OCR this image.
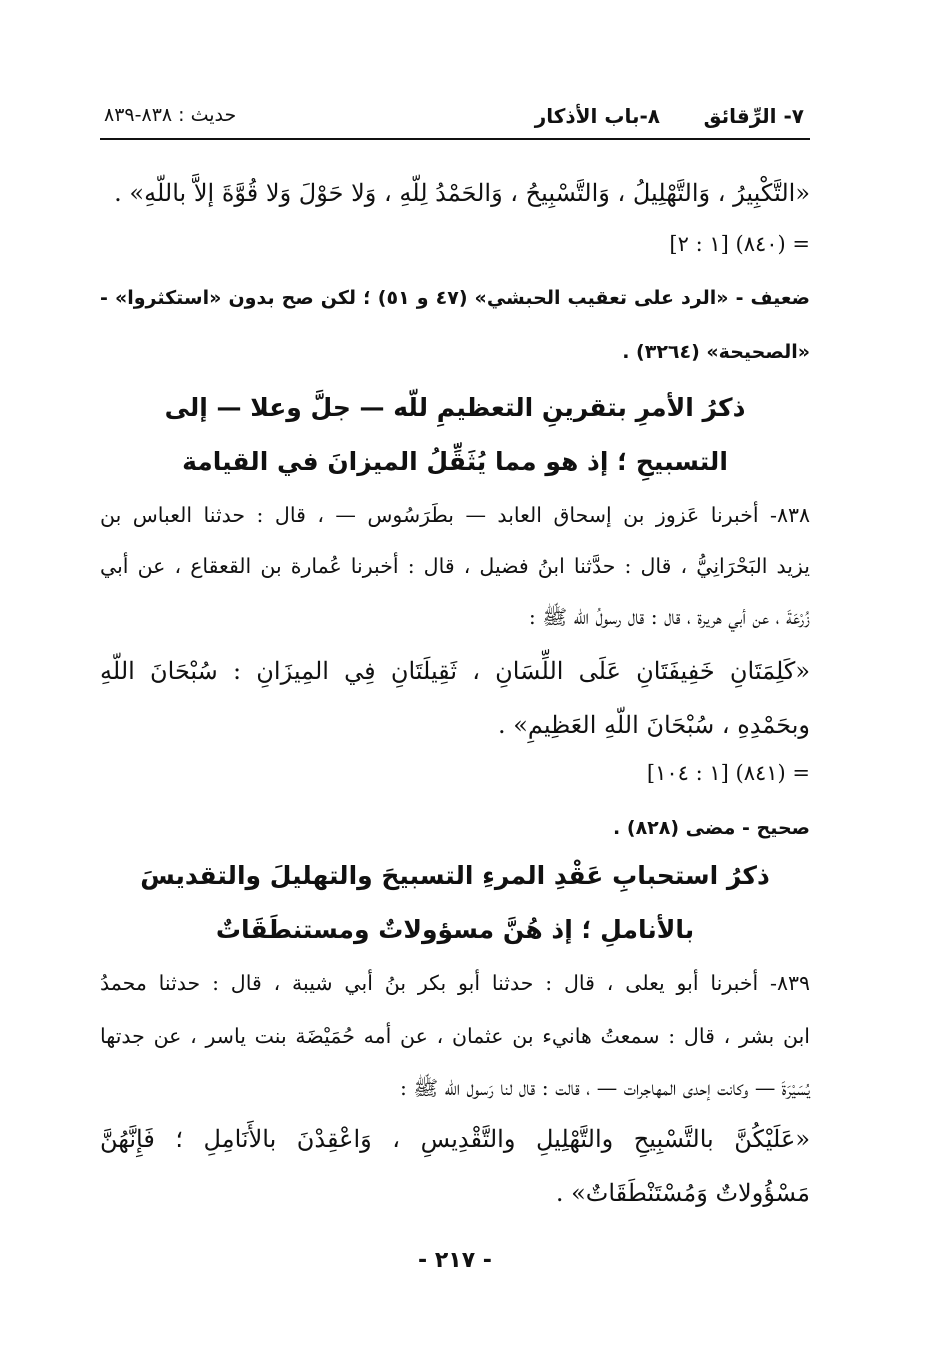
٧- الرِّقائق
٨-باب الأذكار
حديث : ٨٣٨-٨٣٩
«التَّكْبِيرُ ، وَالتَّهْلِيلُ ، وَالتَّسْبِيحُ ، وَالحَمْدُ لِلّهِ ، وَلا حَوْلَ وَلا قُوَّةَ إلاَّ باللّهِ» .
= (٨٤٠) [١ : ٢]
ضعيف - «الرد على تعقيب الحبشي» (٤٧ و ٥١) ؛ لكن صح بدون «استكثروا» -
«الصحيحة» (٣٢٦٤) .
ذكرُ الأمرِ بتقرينِ التعظيمِ للّه — جلَّ وعلا — إلى
التسبيحِ ؛ إذ هو مما يُثَقِّلُ الميزانَ في القيامة
٨٣٨- أخبرنا عَزوز بن إسحاق العابد — بطَرَسُوس — ، قال : حدثنا العباس بن
يزيد البَحْرَانِيُّ ، قال : حدَّثنا ابنُ فضيل ، قال : أخبرنا عُمارة بن القعقاع ، عن أبي
زُرْعَةَ ، عن أبي هريرة ، قال : قال رسولُ اللّه ﷺ :
«كَلِمَتَانِ خَفِيفَتَانِ عَلَى اللِّسَانِ ، ثَقِيلَتَانِ فِي المِيزَانِ : سُبْحَانَ اللّهِ
وبحَمْدِهِ ، سُبْحَانَ اللّهِ العَظِيمِ» .
= (٨٤١) [١ : ١٠٤]
صحيح - مضى (٨٢٨) .
ذكرُ استحبابِ عَقْدِ المرءِ التسبيحَ والتهليلَ والتقديسَ
بالأناملِ ؛ إذ هُنَّ مسؤولاتٌ ومستنطَقَاتٌ
٨٣٩- أخبرنا أبو يعلى ، قال : حدثنا أبو بكر بنُ أبي شيبة ، قال : حدثنا محمدُ
ابن بشر ، قال : سمعتُ هانيء بن عثمان ، عن أمه حُمَيْضَة بنت ياسر ، عن جدتها
يُسَيْرَةَ — وكانت إحدى المهاجرات — ، قالت : قال لنا رَسول اللّه ﷺ :
«عَلَيْكُنَّ بالتَّسْبِيحِ والتَّهْلِيلِ والتَّقْدِيسِ ، وَاعْقِدْنَ بالأَنَامِلِ ؛ فَإِنَّهُنَّ
مَسْؤُولاتٌ وَمُسْتَنْطَقَاتٌ» .
- ٢١٧ -
